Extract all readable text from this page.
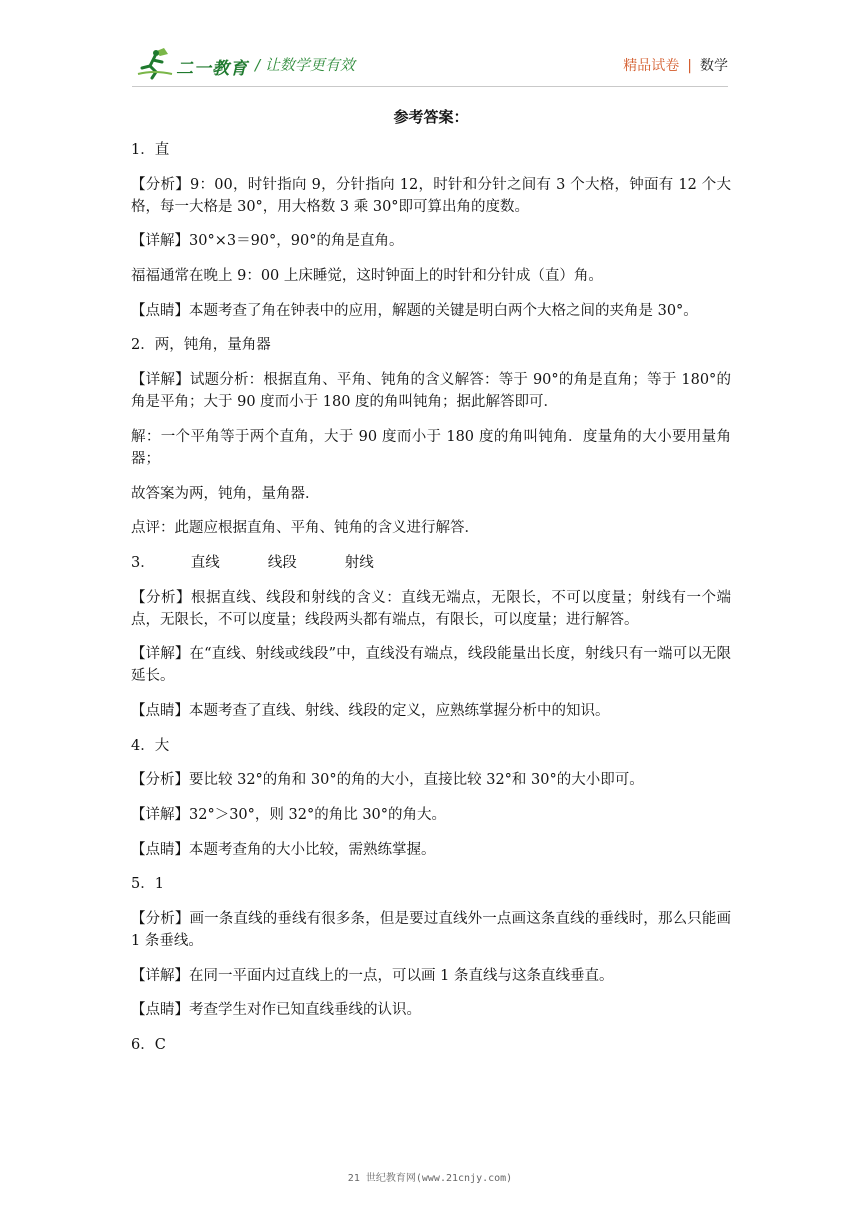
二一教育 / 让数学更有效	精品试卷 | 数学
参考答案：
1．直
【分析】9：00，时针指向 9，分针指向 12，时针和分针之间有 3 个大格，钟面有 12 个大格，每一大格是 30°，用大格数 3 乘 30°即可算出角的度数。
【详解】30°×3＝90°，90°的角是直角。
福福通常在晚上 9：00 上床睡觉，这时钟面上的时针和分针成（直）角。
【点睛】本题考查了角在钟表中的应用，解题的关键是明白两个大格之间的夹角是 30°。
2．两，钝角，量角器
【详解】试题分析：根据直角、平角、钝角的含义解答：等于 90°的角是直角；等于 180°的角是平角；大于 90 度而小于 180 度的角叫钝角；据此解答即可．
解：一个平角等于两个直角，大于 90 度而小于 180 度的角叫钝角．度量角的大小要用量角器；
故答案为两，钝角，量角器．
点评：此题应根据直角、平角、钝角的含义进行解答．
3． 直线	线段	射线
【分析】根据直线、线段和射线的含义：直线无端点，无限长，不可以度量；射线有一个端点，无限长，不可以度量；线段两头都有端点，有限长，可以度量；进行解答。
【详解】在“直线、射线或线段”中，直线没有端点，线段能量出长度，射线只有一端可以无限延长。
【点睛】本题考查了直线、射线、线段的定义，应熟练掌握分析中的知识。
4．大
【分析】要比较 32°的角和 30°的角的大小，直接比较 32°和 30°的大小即可。
【详解】32°＞30°，则 32°的角比 30°的角大。
【点睛】本题考查角的大小比较，需熟练掌握。
5．1
【分析】画一条直线的垂线有很多条，但是要过直线外一点画这条直线的垂线时，那么只能画 1 条垂线。
【详解】在同一平面内过直线上的一点，可以画 1 条直线与这条直线垂直。
【点睛】考查学生对作已知直线垂线的认识。
6．C
21 世纪教育网(www.21cnjy.com)
